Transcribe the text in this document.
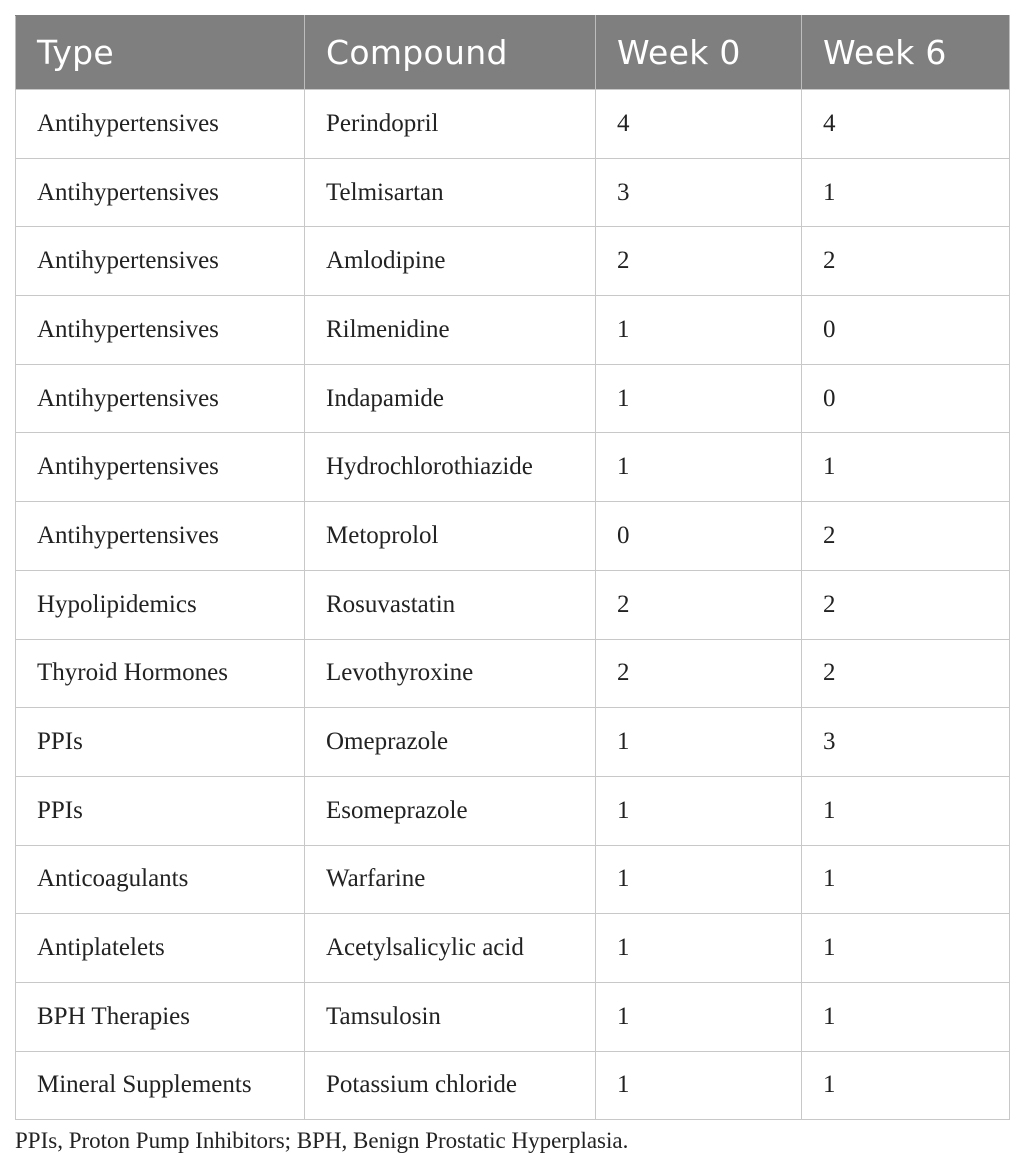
Type	Compound	Week 0	Week 6
Antihypertensives	Perindopril	4	4
Antihypertensives	Telmisartan	3	1
Antihypertensives	Amlodipine	2	2
Antihypertensives	Rilmenidine	1	0
Antihypertensives	Indapamide	1	0
Antihypertensives	Hydrochlorothiazide	1	1
Antihypertensives	Metoprolol	0	2
Hypolipidemics	Rosuvastatin	2	2
Thyroid Hormones	Levothyroxine	2	2
PPIs	Omeprazole	1	3
PPIs	Esomeprazole	1	1
Anticoagulants	Warfarine	1	1
Antiplatelets	Acetylsalicylic acid	1	1
BPH Therapies	Tamsulosin	1	1
Mineral Supplements	Potassium chloride	1	1
PPIs, Proton Pump Inhibitors; BPH, Benign Prostatic Hyperplasia.
